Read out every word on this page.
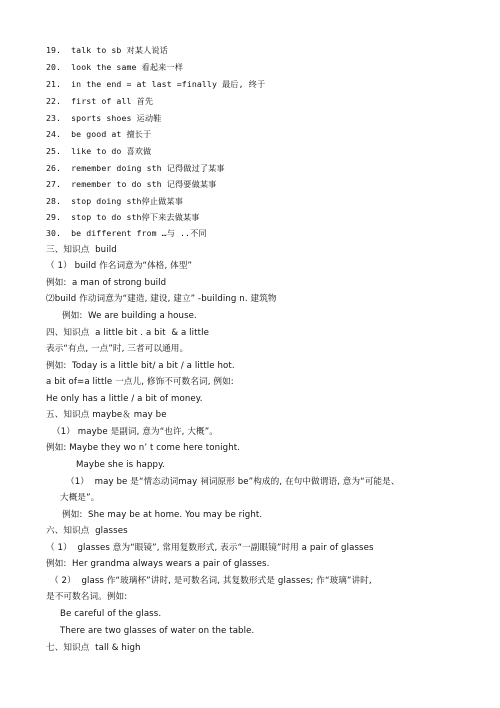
19.  talk to sb 对某人说话
20.  look the same 看起来一样
21.  in the end = at last =finally 最后, 终于
22.  first of all 首先
23.  sports shoes 运动鞋
24.  be good at 擅长于
25.  like to do 喜欢做
26.  remember doing sth 记得做过了某事
27.  remember to do sth 记得要做某事
28.  stop doing sth停止做某事
29.  stop to do sth停下来去做某事
30.  be different from …与 ..不同
三、知识点  build
（ 1） build 作名词意为“体格, 体型”
例如:  a man of strong build
⑵build 作动词意为“建造, 建设, 建立” -building n. 建筑物
例如:  We are building a house.
四、知识点  a little bit . a bit  & a little
表示“有点, 一点”时, 三者可以通用。
例如:  Today is a little bit/ a bit / a little hot.
a bit of=a little 一点儿, 修饰不可数名词, 例如:
He only has a little / a bit of money.
五、知识点 maybe＆ may be
（1） maybe 是副词, 意为“也许, 大概”。
例如: Maybe they wo n’ t come here tonight.
Maybe she is happy.
（1）  may be 是“情态动词may 祠词原形 be”构成的, 在句中做谓语, 意为“可能是、
大概是”。
例如:  She may be at home. You may be right.
六、知识点  glasses
（ 1）  glasses 意为“眼镜”, 常用复数形式, 表示“一副眼镜”时用 a pair of glasses
例如:  Her grandma always wears a pair of glasses.
（ 2）  glass 作“玻璃杯”讲时, 是可数名词, 其复数形式是 glasses; 作“玻璃”讲时,
是不可数名词。例如:
Be careful of the glass.
There are two glasses of water on the table.
七、知识点  tall & high
